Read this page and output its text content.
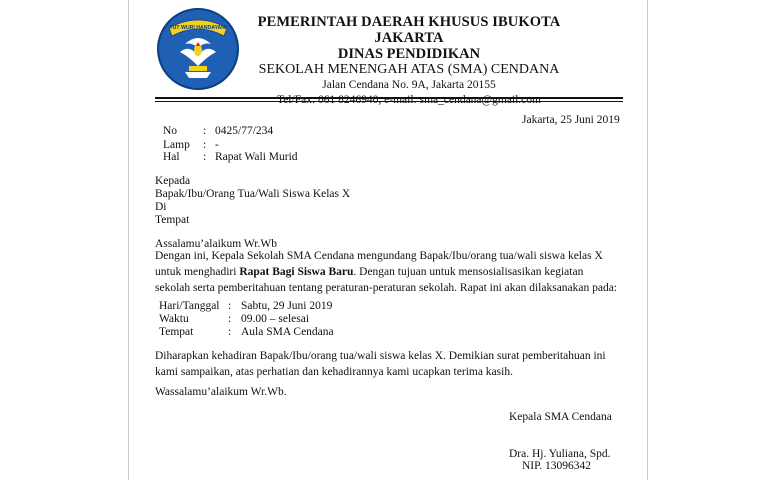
TUT WURI HANDAYANI	PEMERINTAH DAERAH KHUSUS IBUKOTA JAKARTA
DINAS PENDIDIKAN
SEKOLAH MENENGAH ATAS (SMA) CENDANA
Jalan Cendana No. 9A, Jakarta 20155
Tel/Fax: 061 8246940, e-mail: sma_cendana@gmail.com
Jakarta, 25 Juni 2019
No : 0425/77/234
Lamp : -
Hal : Rapat Wali Murid
Kepada
Bapak/Ibu/Orang Tua/Wali Siswa Kelas X
Di
Tempat
Assalamu’alaikum Wr.Wb
Dengan ini, Kepala Sekolah SMA Cendana mengundang Bapak/Ibu/orang tua/wali siswa kelas X untuk menghadiri Rapat Bagi Siswa Baru. Dengan tujuan untuk mensosialisasikan kegiatan sekolah serta pemberitahuan tentang peraturan-peraturan sekolah. Rapat ini akan dilaksanakan pada:
Hari/Tanggal : Sabtu, 29 Juni 2019
Waktu	: 09.00 – selesai
Tempat	: Aula SMA Cendana
Diharapkan kehadiran Bapak/Ibu/orang tua/wali siswa kelas X. Demikian surat pemberitahuan ini kami sampaikan, atas perhatian dan kehadirannya kami ucapkan terima kasih.
Wassalamu’alaikum Wr.Wb.
Kepala SMA Cendana
Dra. Hj. Yuliana, Spd.
NIP. 13096342
